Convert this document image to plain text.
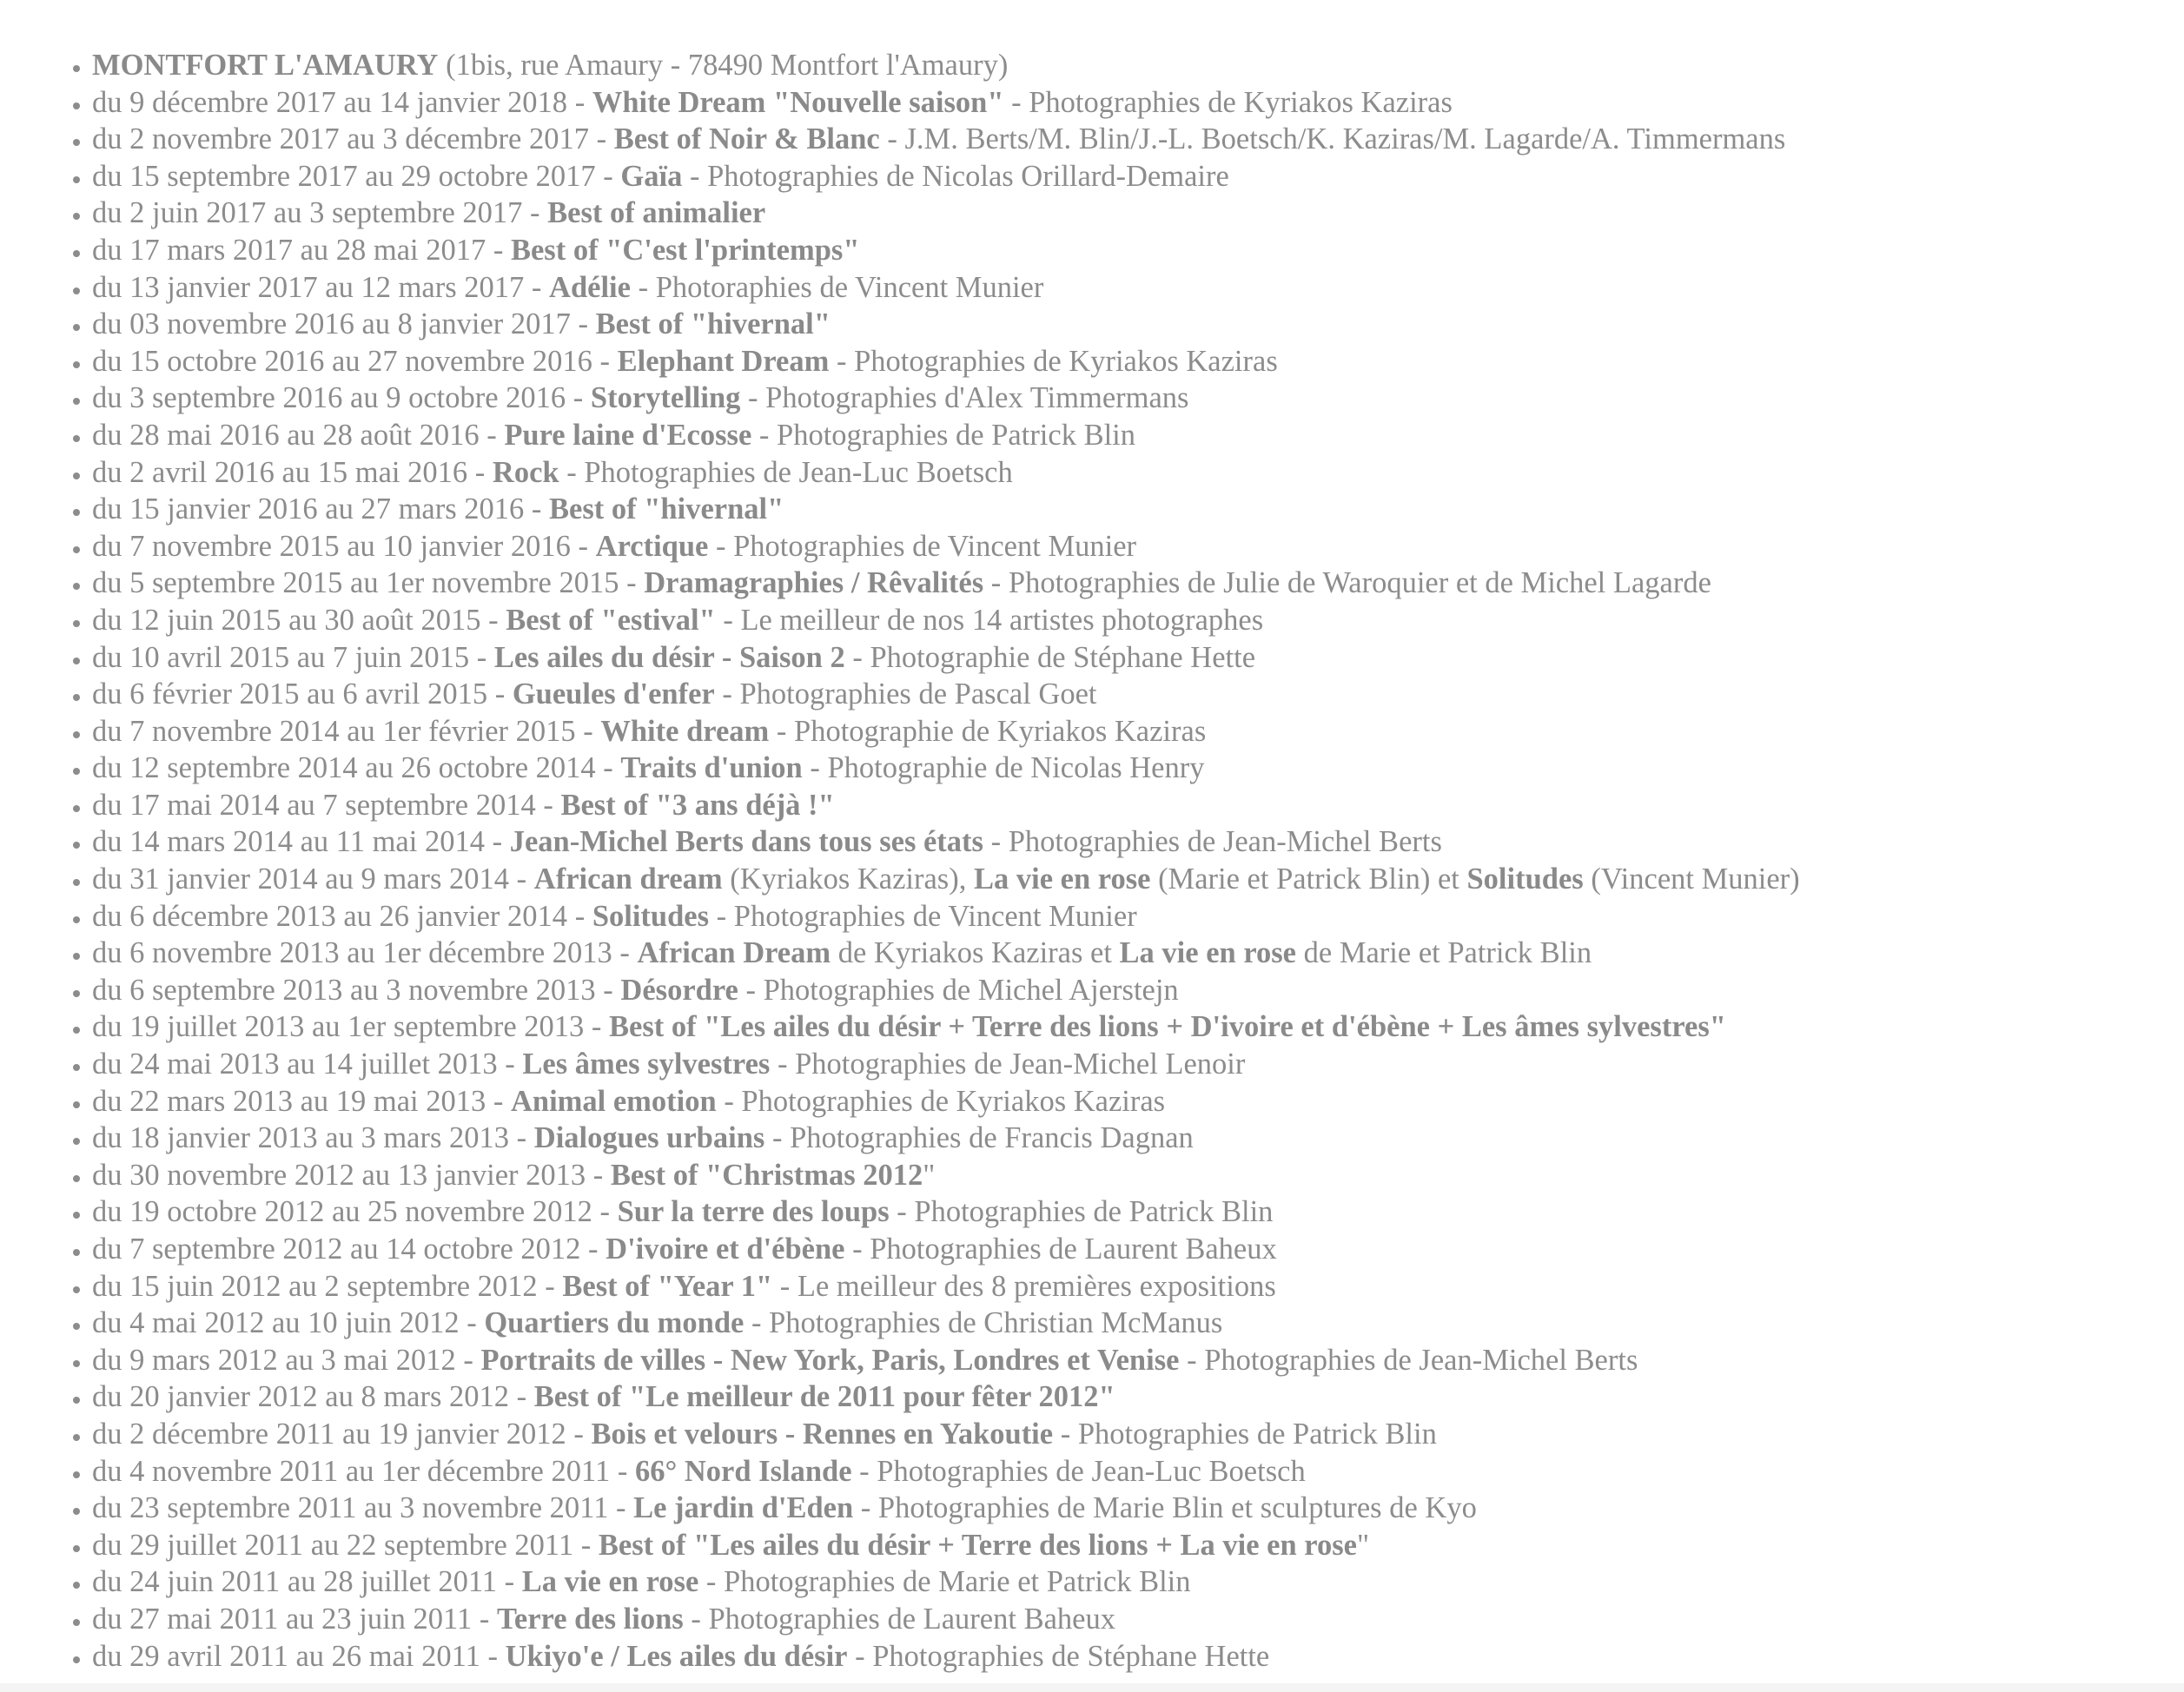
• MONTFORT L'AMAURY (1bis, rue Amaury - 78490 Montfort l'Amaury)
• du 9 décembre 2017 au 14 janvier 2018 - White Dream "Nouvelle saison" - Photographies de Kyriakos Kaziras
• du 2 novembre 2017 au 3 décembre 2017 - Best of Noir & Blanc - J.M. Berts/M. Blin/J.-L. Boetsch/K. Kaziras/M. Lagarde/A. Timmermans
• du 15 septembre 2017 au 29 octobre 2017 - Gaïa - Photographies de Nicolas Orillard-Demaire
• du 2 juin 2017 au 3 septembre 2017 - Best of animalier
• du 17 mars 2017 au 28 mai 2017 - Best of "C'est l'printemps"
• du 13 janvier 2017 au 12 mars 2017 - Adélie - Photoraphies de Vincent Munier
• du 03 novembre 2016 au 8 janvier 2017 - Best of "hivernal"
• du 15 octobre 2016 au 27 novembre 2016 - Elephant Dream - Photographies de Kyriakos Kaziras
• du 3 septembre 2016 au 9 octobre 2016 - Storytelling - Photographies d'Alex Timmermans
• du 28 mai 2016 au 28 août 2016 - Pure laine d'Ecosse - Photographies de Patrick Blin
• du 2 avril 2016 au 15 mai 2016 - Rock - Photographies de Jean-Luc Boetsch
• du 15 janvier 2016 au 27 mars 2016 - Best of "hivernal"
• du 7 novembre 2015 au 10 janvier 2016 - Arctique - Photographies de Vincent Munier
• du 5 septembre 2015 au 1er novembre 2015 - Dramagraphies / Rêvalités - Photographies de Julie de Waroquier et de Michel Lagarde
• du 12 juin 2015 au 30 août 2015 - Best of "estival" - Le meilleur de nos 14 artistes photographes
• du 10 avril 2015 au 7 juin 2015 - Les ailes du désir - Saison 2 - Photographie de Stéphane Hette
• du 6 février 2015 au 6 avril 2015 - Gueules d'enfer - Photographies de Pascal Goet
• du 7 novembre 2014 au 1er février 2015 - White dream - Photographie de Kyriakos Kaziras
• du 12 septembre 2014 au 26 octobre 2014 - Traits d'union - Photographie de Nicolas Henry
• du 17 mai 2014 au 7 septembre 2014 - Best of "3 ans déjà !"
• du 14 mars 2014 au 11 mai 2014 - Jean-Michel Berts dans tous ses états - Photographies de Jean-Michel Berts
• du 31 janvier 2014 au 9 mars 2014 - African dream (Kyriakos Kaziras), La vie en rose (Marie et Patrick Blin) et Solitudes (Vincent Munier)
• du 6 décembre 2013 au 26 janvier 2014 - Solitudes - Photographies de Vincent Munier
• du 6 novembre 2013 au 1er décembre 2013 - African Dream de Kyriakos Kaziras et La vie en rose de Marie et Patrick Blin
• du 6 septembre 2013 au 3 novembre 2013 - Désordre - Photographies de Michel Ajerstejn
• du 19 juillet 2013 au 1er septembre 2013 - Best of "Les ailes du désir + Terre des lions + D'ivoire et d'ébène + Les âmes sylvestres"
• du 24 mai 2013 au 14 juillet 2013 - Les âmes sylvestres - Photographies de Jean-Michel Lenoir
• du 22 mars 2013 au 19 mai 2013 - Animal emotion - Photographies de Kyriakos Kaziras
• du 18 janvier 2013 au 3 mars 2013 - Dialogues urbains - Photographies de Francis Dagnan
• du 30 novembre 2012 au 13 janvier 2013 - Best of "Christmas 2012"
• du 19 octobre 2012 au 25 novembre 2012 - Sur la terre des loups - Photographies de Patrick Blin
• du 7 septembre 2012 au 14 octobre 2012 - D'ivoire et d'ébène - Photographies de Laurent Baheux
• du 15 juin 2012 au 2 septembre 2012 - Best of "Year 1" - Le meilleur des 8 premières expositions
• du 4 mai 2012 au 10 juin 2012 - Quartiers du monde - Photographies de Christian McManus
• du 9 mars 2012 au 3 mai 2012 - Portraits de villes - New York, Paris, Londres et Venise - Photographies de Jean-Michel Berts
• du 20 janvier 2012 au 8 mars 2012 - Best of "Le meilleur de 2011 pour fêter 2012"
• du 2 décembre 2011 au 19 janvier 2012 - Bois et velours - Rennes en Yakoutie - Photographies de Patrick Blin
• du 4 novembre 2011 au 1er décembre 2011 - 66° Nord Islande - Photographies de Jean-Luc Boetsch
• du 23 septembre 2011 au 3 novembre 2011 - Le jardin d'Eden - Photographies de Marie Blin et sculptures de Kyo
• du 29 juillet 2011 au 22 septembre 2011 - Best of "Les ailes du désir + Terre des lions + La vie en rose"
• du 24 juin 2011 au 28 juillet 2011 - La vie en rose - Photographies de Marie et Patrick Blin
• du 27 mai 2011 au 23 juin 2011 - Terre des lions - Photographies de Laurent Baheux
• du 29 avril 2011 au 26 mai 2011 - Ukiyo'e / Les ailes du désir - Photographies de Stéphane Hette
